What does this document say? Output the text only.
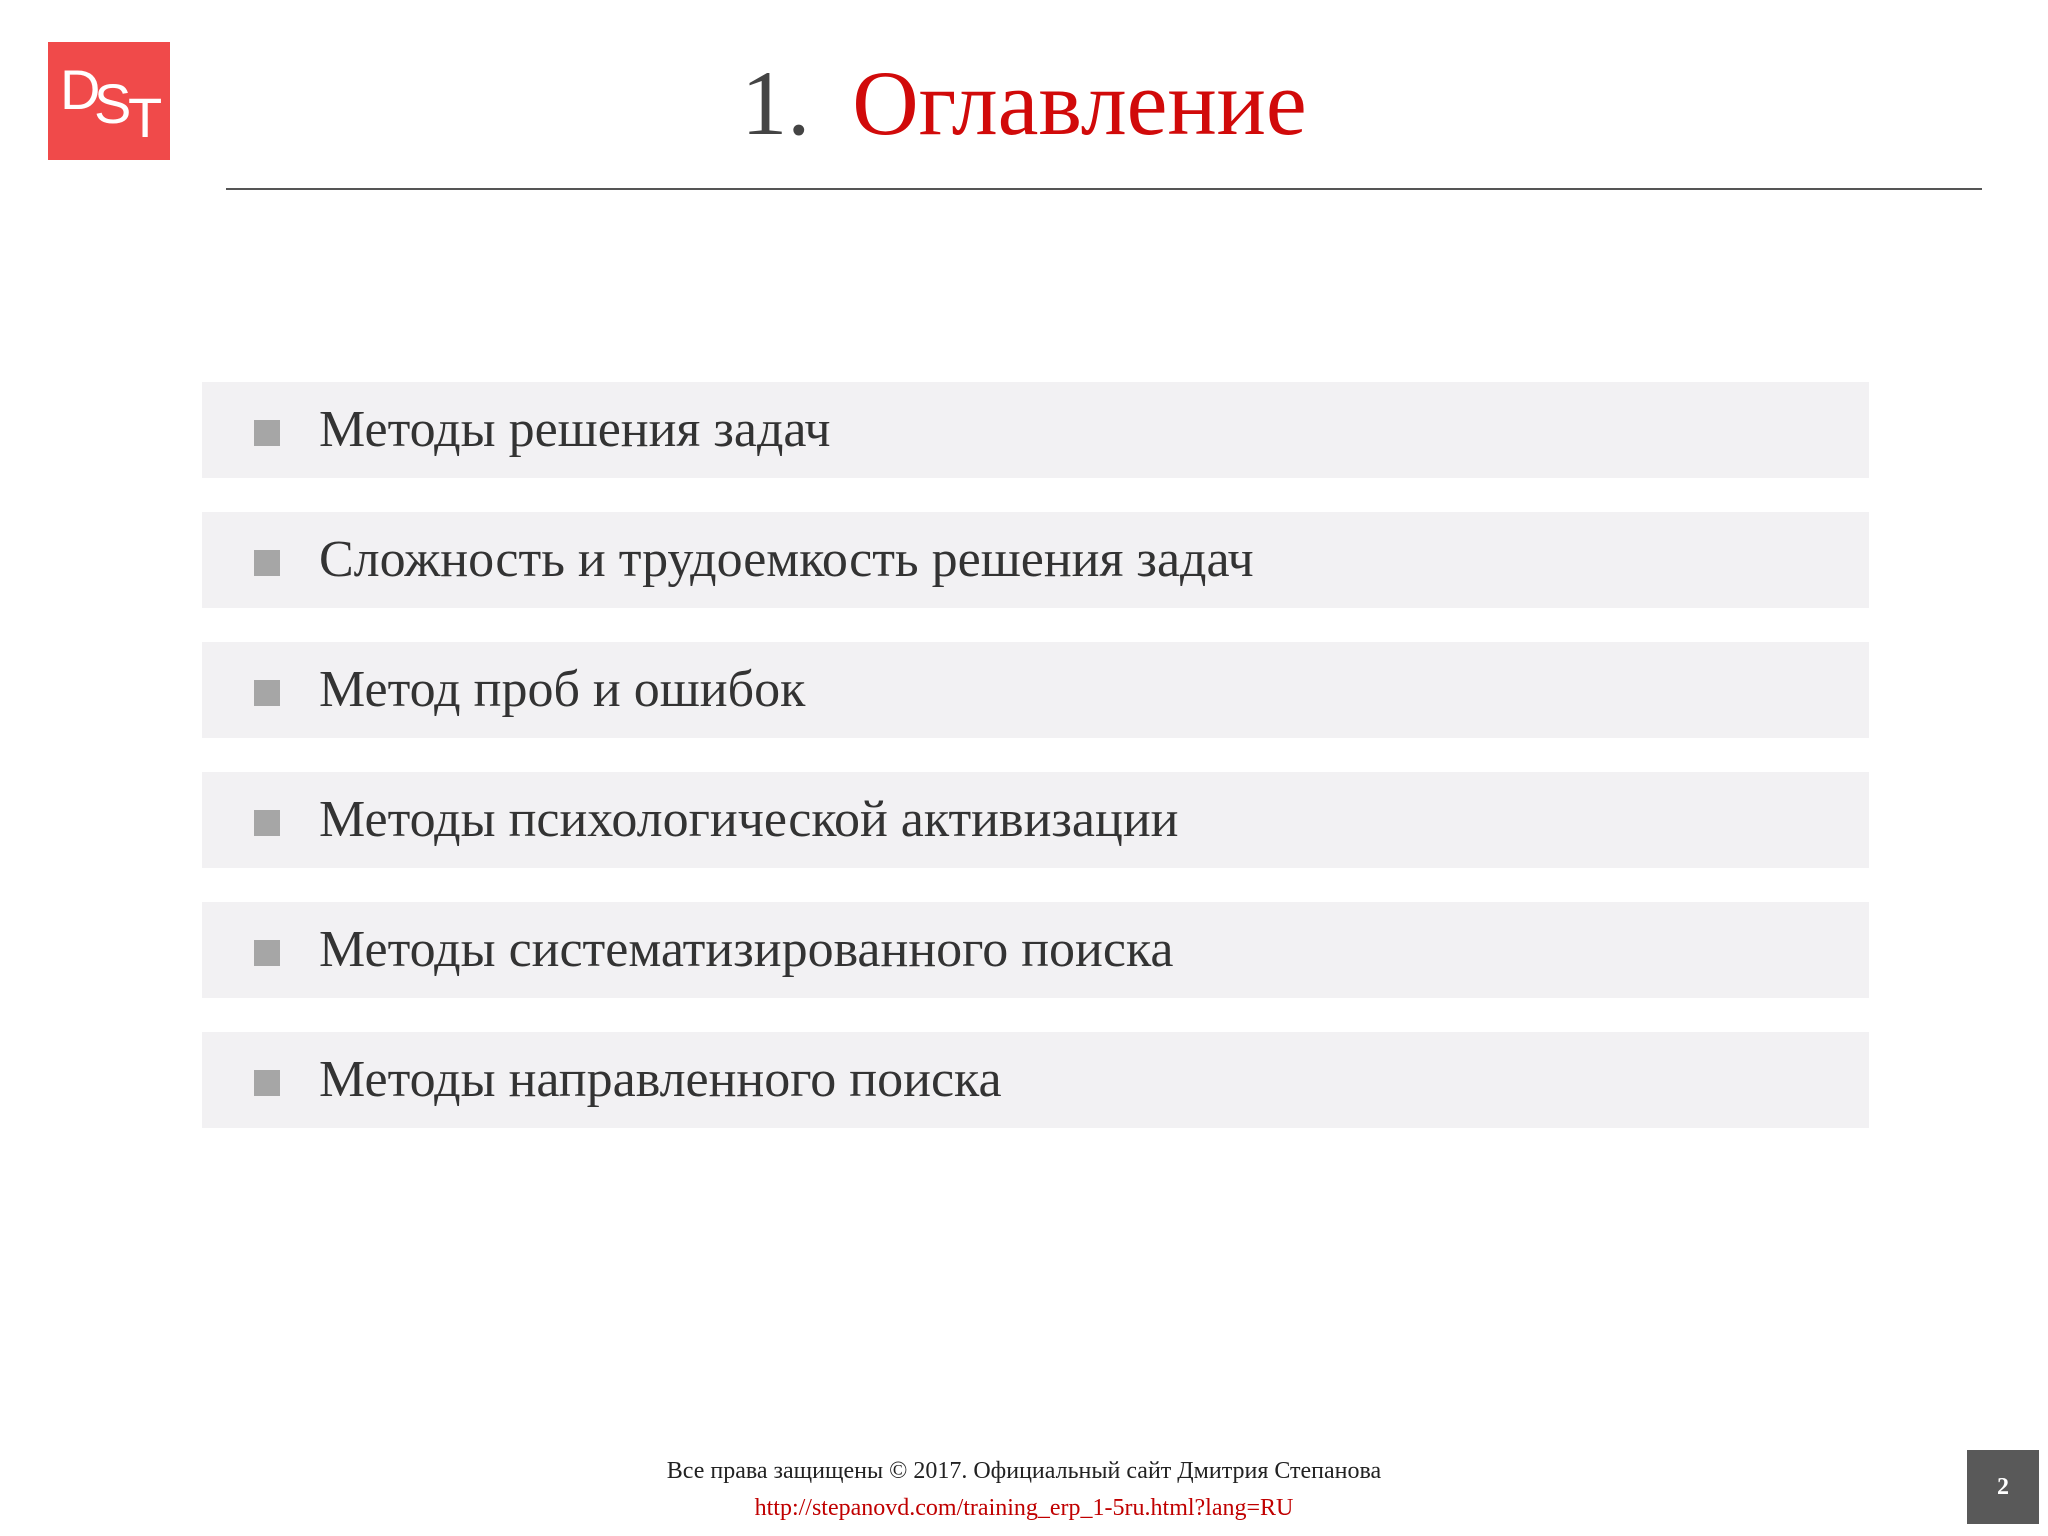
D
S
T	1. Оглавление
Методы решения задач
Сложность и трудоемкость решения задач
Метод проб и ошибок
Методы психологической активизации
Методы систематизированного поиска
Методы направленного поиска
Все права защищены © 2017. Официальный сайт Дмитрия Степанова
http://stepanovd.com/training_erp_1-5ru.html?lang=RU
2
